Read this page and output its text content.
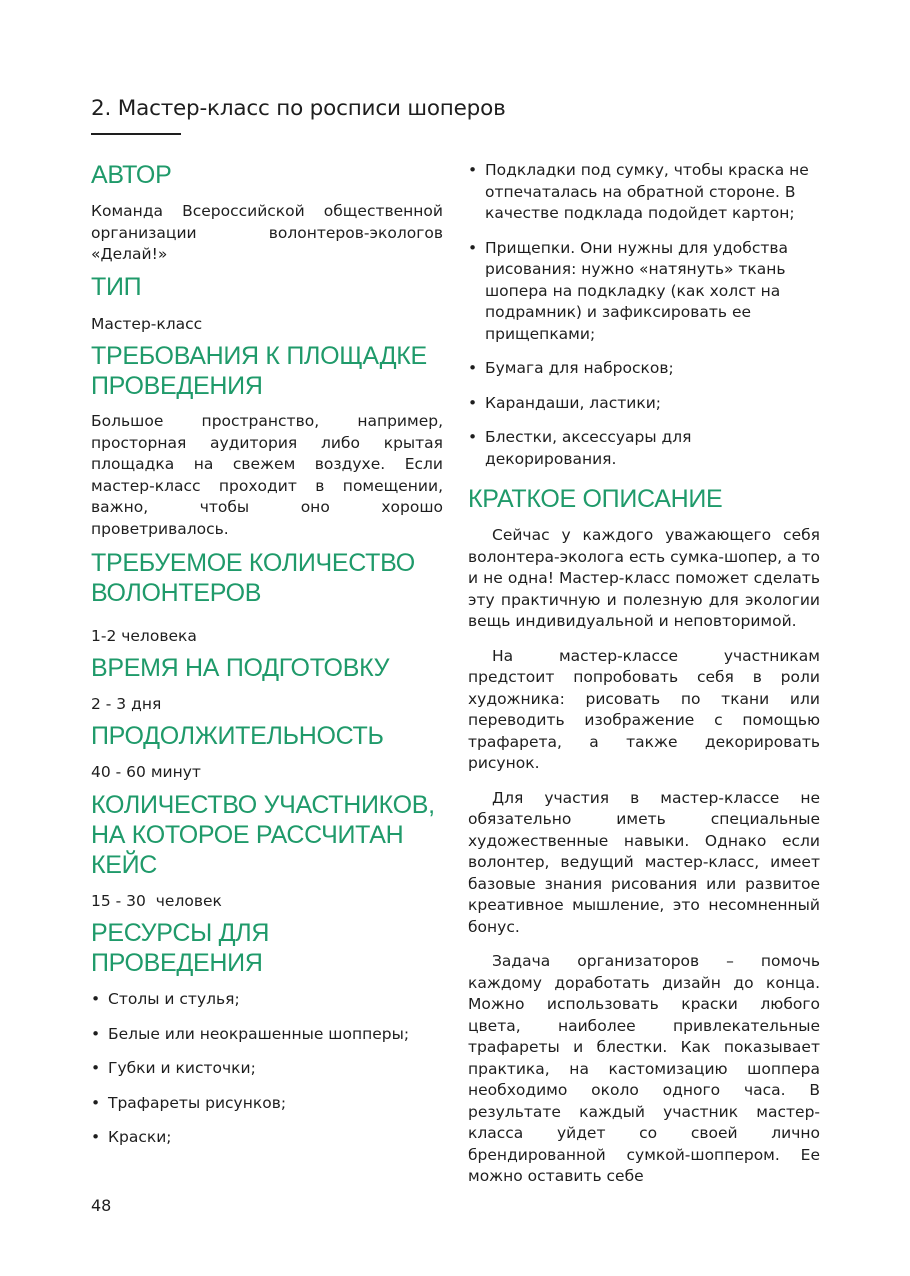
2. Мастер-класс по росписи шоперов
АВТОР

Команда Всероссийской общественной организации волонтеров-экологов «Делай!»

ТИП

Мастер-класс

ТРЕБОВАНИЯ К ПЛОЩАДКЕ ПРОВЕДЕНИЯ

Большое пространство, например, просторная аудитория либо крытая площадка на свежем воздухе. Если мастер-класс проходит в помещении, важно, чтобы оно хорошо проветривалось.

ТРЕБУЕМОЕ КОЛИЧЕСТВО ВОЛОНТЕРОВ

1-2 человека

ВРЕМЯ НА ПОДГОТОВКУ

2 - 3 дня

ПРОДОЛЖИТЕЛЬНОСТЬ

40 - 60 минут

КОЛИЧЕСТВО УЧАСТНИКОВ, НА КОТОРОЕ РАССЧИТАН КЕЙС

15 - 30  человек

РЕСУРСЫ ДЛЯ ПРОВЕДЕНИЯ
• Столы и стулья;
• Белые или неокрашенные шопперы;
• Губки и кисточки;
• Трафареты рисунков;
• Краски;
• Подкладки под сумку, чтобы краска не отпечаталась на обратной стороне. В качестве подклада подойдет картон;
• Прищепки. Они нужны для удобства рисования: нужно «натянуть» ткань шопера на подкладку (как холст на подрамник) и зафиксировать ее прищепками;
• Бумага для набросков;
• Карандаши, ластики;
• Блестки, аксессуары для декорирования.
КРАТКОЕ ОПИСАНИЕ

Сейчас у каждого уважающего себя волонтера-эколога есть сумка-шопер, а то и не одна! Мастер-класс поможет сделать эту практичную и полезную для экологии вещь индивидуальной и неповторимой.

На мастер-классе участникам предстоит попробовать себя в роли художника: рисовать по ткани или переводить изображение с помощью трафарета, а также декорировать рисунок.

Для участия в мастер-классе не обязательно иметь специальные художественные навыки. Однако если волонтер, ведущий мастер-класс, имеет базовые знания рисования или развитое креативное мышление, это несомненный бонус.

Задача организаторов – помочь каждому доработать дизайн до конца. Можно использовать краски любого цвета, наиболее привлекательные трафареты и блестки. Как показывает практика, на кастомизацию шоппера необходимо около одного часа. В результате каждый участник мастер-класса уйдет со своей лично брендированной сумкой-шоппером. Ее можно оставить себе

48
